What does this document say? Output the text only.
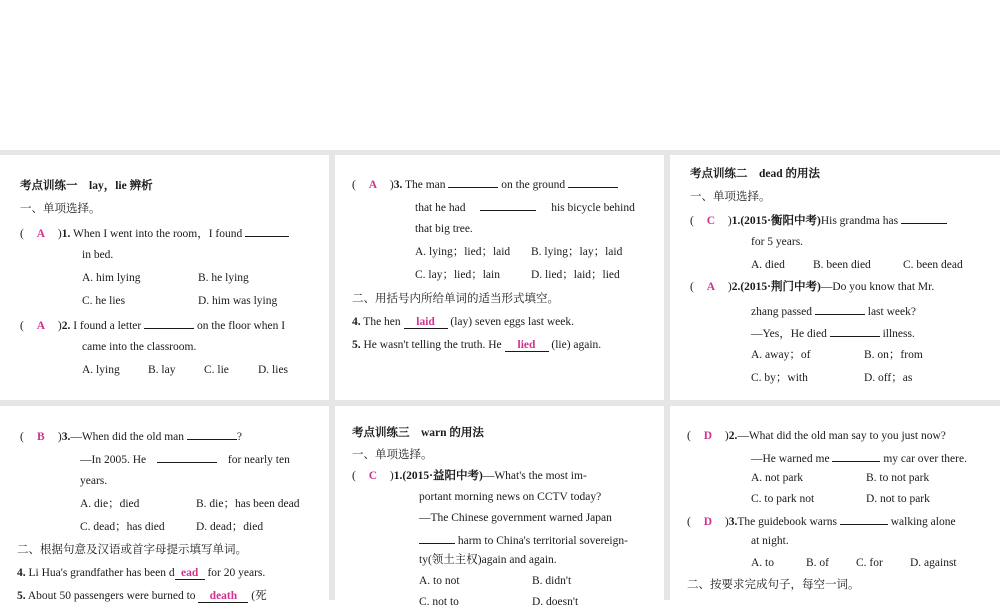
考点训练一　lay，lie 辨析
一、单项选择。
( A )1. When I went into the room，I found
in bed.
A. him lying	B. he lying
C. he lies	D. him was lying
( A )2. I found a letter	on the floor when I
came into the classroom.
A. lying B. lay C. lie	D. lies
( A )3. The man	on the ground
that he had	his bicycle behind
that big tree.
A. lying；lied；laid B. lying；lay；laid
C. lay；lied；lain	D. lied；laid；lied
二、用括号内所给单词的适当形式填空。
4. The hen laid (lay) seven eggs last week.
5. He wasn't telling the truth. He lied (lie) again.
考点训练二　dead 的用法
一、单项选择。
( C )1.(2015·衡阳中考)His grandma has
for 5 years.
A. died B. been died	C. been dead
( A )2.(2015·荆门中考)—Do you know that Mr.
zhang passed	last week?
—Yes，He died	illness.
A. away；of	B. on；from
C. by；with	D. off；as
( B )3.—When did the old man	?
—In 2005. He	for nearly ten
years.
A. die；died	B. die；has been dead
C. dead；has died	D. dead；died
二、根据句意及汉语或首字母提示填写单词。
4. Li Hua's grandfather has been d ead for 20 years.
5. About 50 passengers were burned to death (死
考点训练三　warn 的用法
一、单项选择。
( C )1.(2015·益阳中考)—What's the most im-
portant morning news on CCTV today?
—The Chinese government warned Japan
harm to China's territorial sovereign-
ty(领土主权)again and again.
A. to not	B. didn't
C. not to	D. doesn't
( D )2.—What did the old man say to you just now?
—He warned me	my car over there.
A. not park	B. to not park
C. to park not	D. not to park
( D )3.The guidebook warns	walking alone
at night.
A. to	B. of C. for D. against
二、按要求完成句子，每空一词。
